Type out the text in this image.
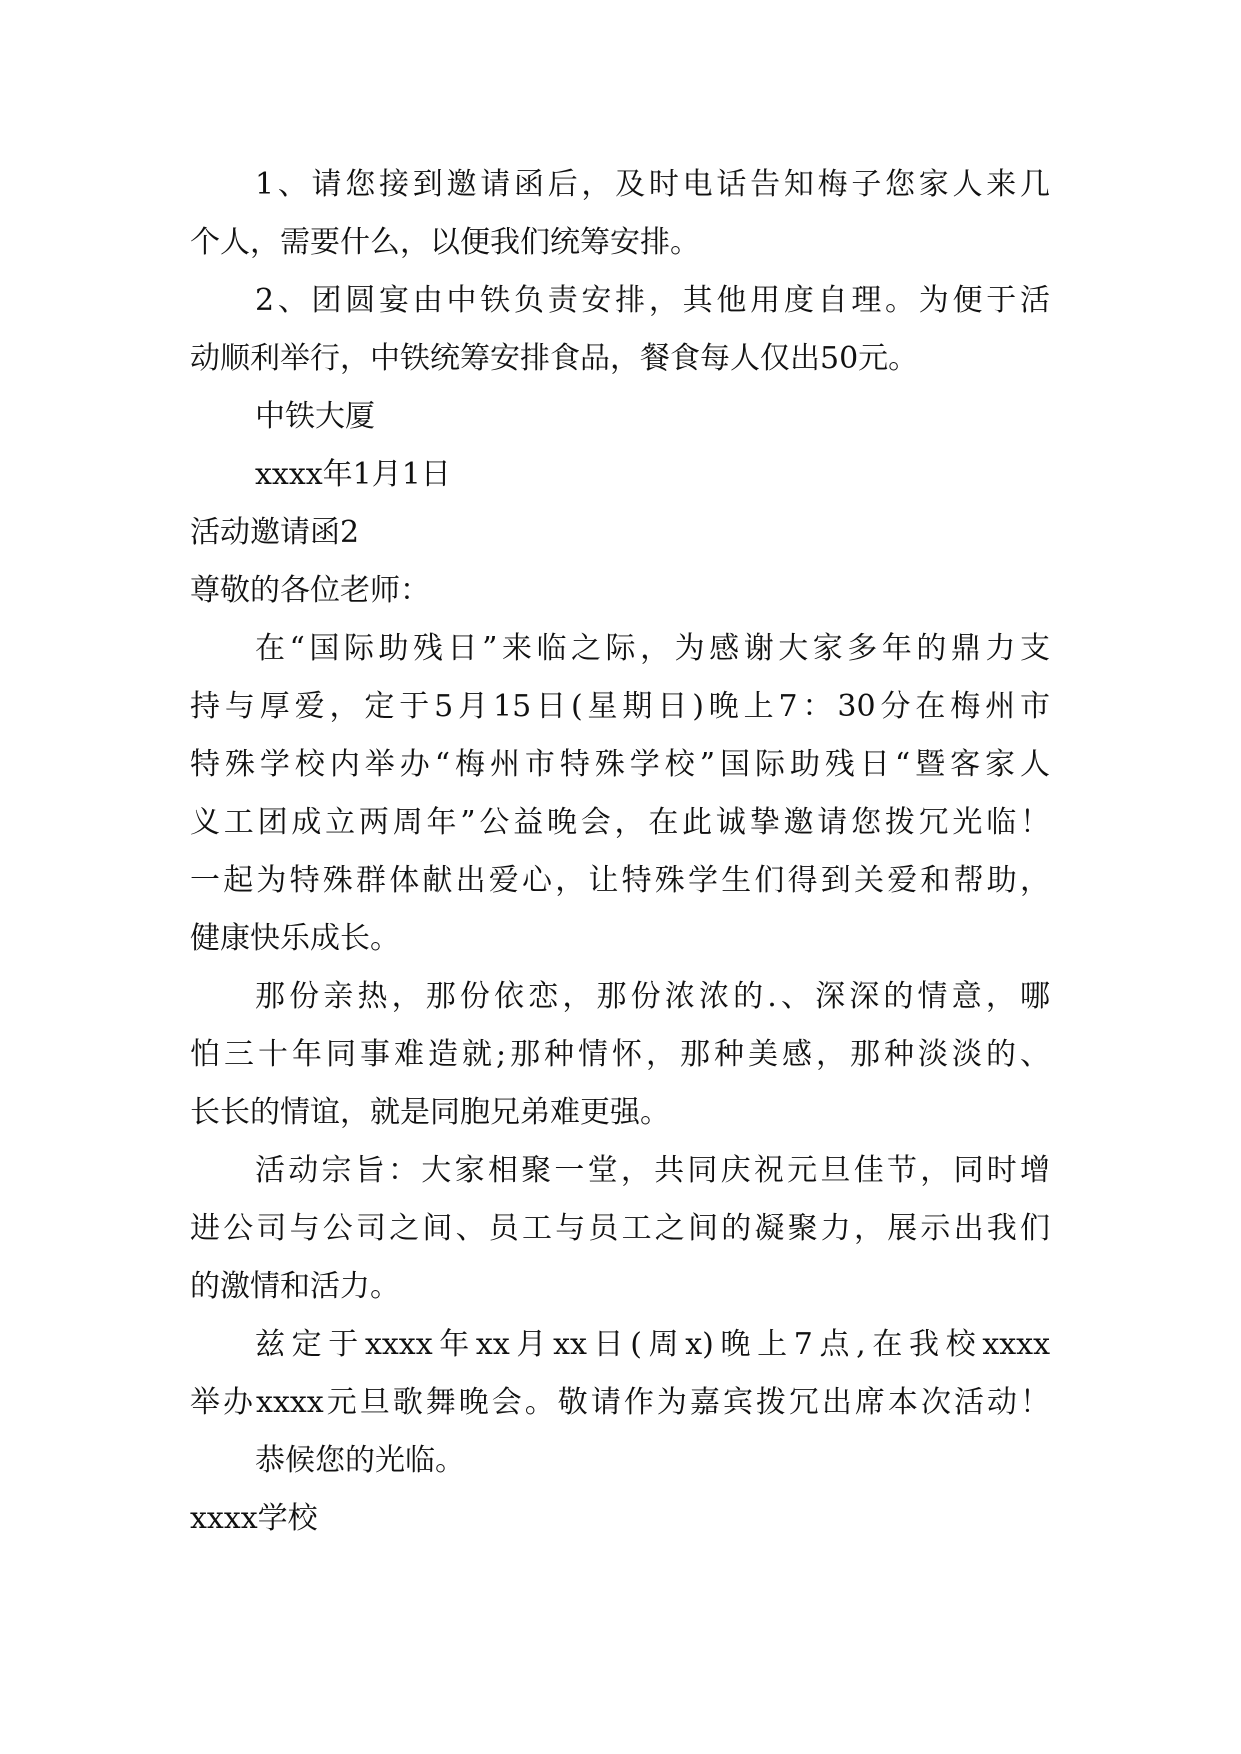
1、请您接到邀请函后，及时电话告知梅子您家人来几
个人，需要什么，以便我们统筹安排。
2、团圆宴由中铁负责安排，其他用度自理。为便于活
动顺利举行，中铁统筹安排食品，餐食每人仅出50元。
中铁大厦
xxxx年1月1日
活动邀请函2
尊敬的各位老师：
在“国际助残日”来临之际，为感谢大家多年的鼎力支
持与厚爱，定于5月15日(星期日)晚上7：30分在梅州市
特殊学校内举办“梅州市特殊学校”国际助残日“暨客家人
义工团成立两周年”公益晚会，在此诚挚邀请您拨冗光临！
一起为特殊群体献出爱心，让特殊学生们得到关爱和帮助，
健康快乐成长。
那份亲热，那份依恋，那份浓浓的.、深深的情意，哪
怕三十年同事难造就;那种情怀，那种美感，那种淡淡的、
长长的情谊，就是同胞兄弟难更强。
活动宗旨：大家相聚一堂，共同庆祝元旦佳节，同时增
进公司与公司之间、员工与员工之间的凝聚力，展示出我们
的激情和活力。
兹定于xxxx年xx月xx日(周x)晚上7点,在我校xxxx
举办xxxx元旦歌舞晚会。敬请作为嘉宾拨冗出席本次活动！
恭候您的光临。
xxxx学校
